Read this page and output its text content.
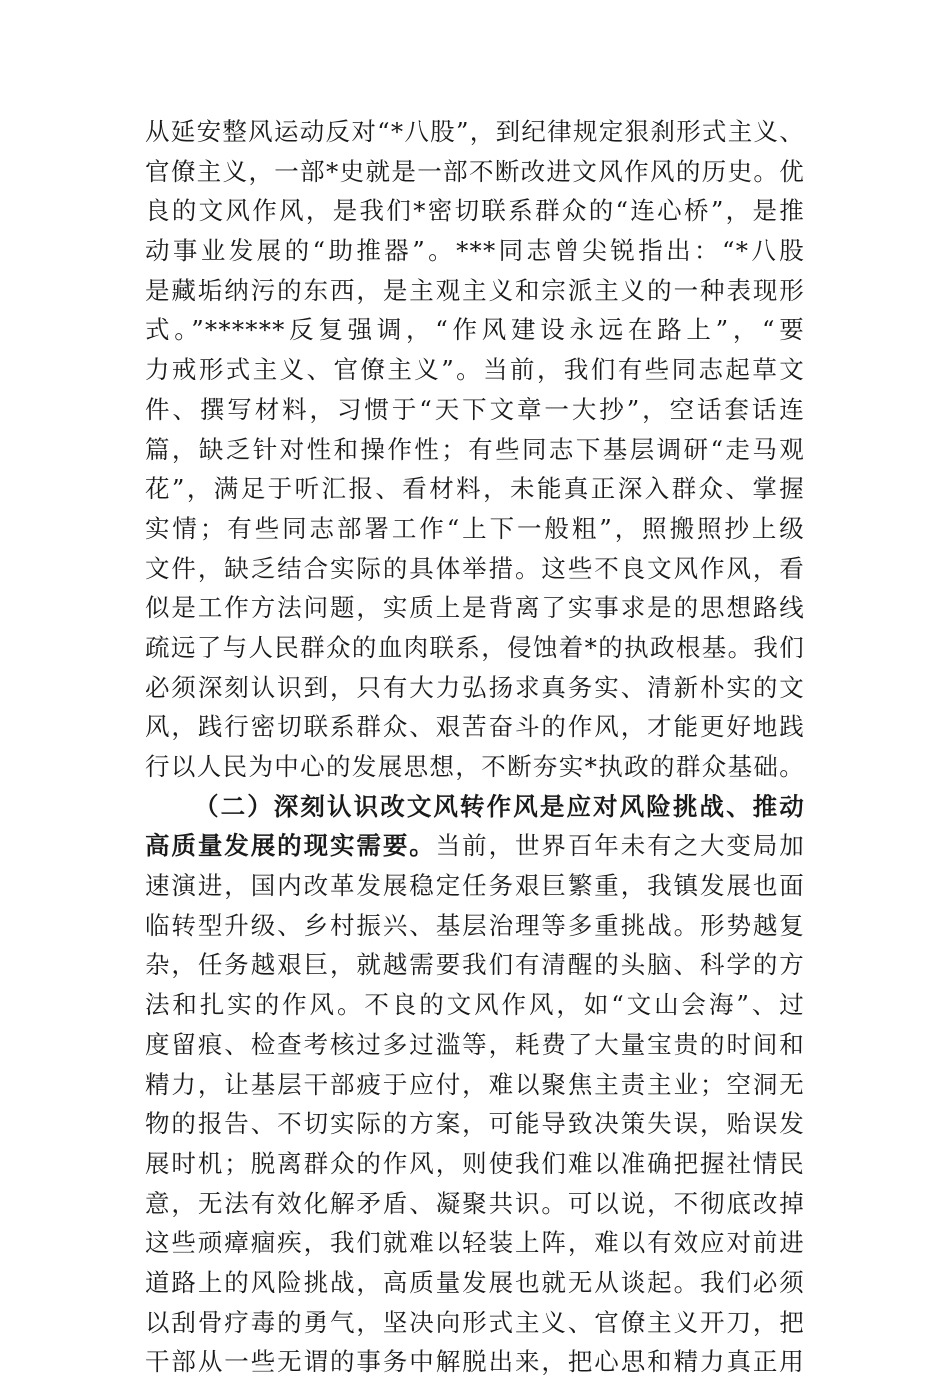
从延安整风运动反对“*八股”，到纪律规定狠刹形式主义、
官僚主义，一部*史就是一部不断改进文风作风的历史。优
良的文风作风，是我们*密切联系群众的“连心桥”，是推
动事业发展的“助推器”。***同志曾尖锐指出：“*八股
是藏垢纳污的东西，是主观主义和宗派主义的一种表现形
式。”******反复强调，“作风建设永远在路上”，“要
力戒形式主义、官僚主义”。当前，我们有些同志起草文
件、撰写材料，习惯于“天下文章一大抄”，空话套话连
篇，缺乏针对性和操作性；有些同志下基层调研“走马观
花”，满足于听汇报、看材料，未能真正深入群众、掌握
实情；有些同志部署工作“上下一般粗”，照搬照抄上级
文件，缺乏结合实际的具体举措。这些不良文风作风，看
似是工作方法问题，实质上是背离了实事求是的思想路线
疏远了与人民群众的血肉联系，侵蚀着*的执政根基。我们
必须深刻认识到，只有大力弘扬求真务实、清新朴实的文
风，践行密切联系群众、艰苦奋斗的作风，才能更好地践
行以人民为中心的发展思想，不断夯实*执政的群众基础。
（二）深刻认识改文风转作风是应对风险挑战、推动
高质量发展的现实需要。当前，世界百年未有之大变局加
速演进，国内改革发展稳定任务艰巨繁重，我镇发展也面
临转型升级、乡村振兴、基层治理等多重挑战。形势越复
杂，任务越艰巨，就越需要我们有清醒的头脑、科学的方
法和扎实的作风。不良的文风作风，如“文山会海”、过
度留痕、检查考核过多过滥等，耗费了大量宝贵的时间和
精力，让基层干部疲于应付，难以聚焦主责主业；空洞无
物的报告、不切实际的方案，可能导致决策失误，贻误发
展时机；脱离群众的作风，则使我们难以准确把握社情民
意，无法有效化解矛盾、凝聚共识。可以说，不彻底改掉
这些顽瘴痼疾，我们就难以轻装上阵，难以有效应对前进
道路上的风险挑战，高质量发展也就无从谈起。我们必须
以刮骨疗毒的勇气，坚决向形式主义、官僚主义开刀，把
干部从一些无谓的事务中解脱出来，把心思和精力真正用
